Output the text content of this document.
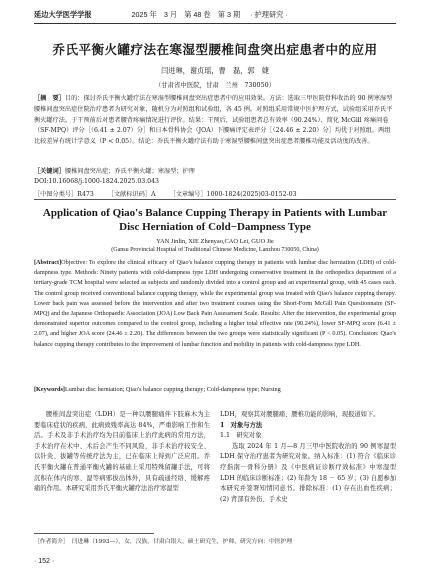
延边大学医学学报	2025 年　3 月　第 48 卷　第 3 期 · 护理研究 ·
乔氏平衡火罐疗法在寒湿型腰椎间盘突出症患者中的应用
闫进琳，谢贞瑶，曹　磊，郭　婕
（甘肃省中医院，甘肃　兰州　730050）
［摘　要］目的：探讨乔氏平衡火罐疗法在寒湿型腰椎间盘突出症患者中的应用效果。方法：选取三甲医院骨科收治的 90 例寒湿型腰椎间盘突出症住院治疗患者为研究对象，随机分为对照组和试验组，各 45 例。对照组采用常规中医护理方式，试验组采用乔氏平衡火罐疗法。于干预前后对患者腰背疼痛情况进行评价。结果：干预后，试验组患者总有效率（90.24%）、简化 McGill 疼痛问卷（SF-MPQ）评分［（6.41 ± 2.07）分］和日本骨科协会（JOA）下腰痛评定表评分［（24.46 ± 2.20）分］均优于对照组，两组比较差异有统计学意义（P < 0.05）。结论：乔氏平衡火罐疗法有助于寒湿型腰椎间盘突出症患者腰椎功能及活动度的改善。
［关键词］腰椎间盘突出症；乔氏平衡火罐；寒湿型；护理
DOI:10.16068/j.1000-1824.2025.03.043
［中图分类号］R473 ［文献标识码］A ［文章编号］1000-1824(2025)03-0152-03
Application of Qiao's Balance Cupping Therapy in Patients with Lumbar Disc Herniation of Cold−Dampness Type
YAN Jinlin, XIE Zhenyao,CAO Lei, GUO Jie
(Gansu Provincial Hospital of Traditional Chinese Medicine, Lanzhou 730050, China)
[Abstract]Objective: To explore the clinical efficacy of Qiao's balance cupping therapy in patients with lumbar disc herniation (LDH) of cold-dampness type. Methods: Ninety patients with cold-dampness type LDH undergoing conservative treatment in the orthopedics department of a tertiary-grade TCM hospital were selected as subjects and randomly divided into a control group and an experimental group, with 45 cases each. The control group received conventional balance cupping therapy, while the experimental group was treated with Qiao's balance cupping therapy. Lower back pain was assessed before the intervention and after two treatment courses using the Short-Form McGill Pain Questionnaire (SF-MPQ) and the Japanese Orthopaedic Association (JOA) Low Back Pain Assessment Scale. Results: After the intervention, the experimental group demonstrated superior outcomes compared to the control group, including a higher total effective rate (90.24%), lower SF-MPQ score (6.41 ± 2.07), and higher JOA score (24.46 ± 2.20). The differences between the two groups were statistically significant (P < 0.05). Conclusion: Qiao's balance cupping therapy contributes to the improvement of lumbar function and mobility in patients with cold-dampness type LDH.
[Keywords]Lumbar disc herniation; Qiao's balance cupping therapy; Cold-dampness type; Nursing
腰椎间盘突出症（LDH）是一种以腰腿痛伴下肢麻木为主要临床症状的疾病，此病致残率高达 84%，严重影响工作和生活。手术及非手术治疗均为目前临床上治疗此病的常用方法，手术治疗在术中、术后会产生不同风险，非手术治疗较安全、以针灸、拔罐等传统疗法为主，已在临床上得到广泛应用。乔氏平衡火罐在普通平衡火罐的基础上采用特殊留罐手法，可将沉积在体内的寒、湿等病邪拔出体外，具有疏通经络、缓解疼痛的作用。本研究采用乔氏平衡火罐疗法治疗寒湿型
LDH，观察其对腰腿痛、腰椎功能的影响，现报道如下。
1　对象与方法
1.1　研究对象
选取 2024 年 1 月—8 月三甲中医院收治的 90 例寒湿型 LDH 保守治疗患者为研究对象。纳入标准：(1) 符合《临床诊疗指南－骨科分册》及《中医病证诊断疗效标准》中寒湿型 LDH 的临床诊断标准；(2) 年龄为 18 － 65 岁；(3) 自愿参加本研究并签署知情同意书。排除标准：(1) 存在出血性疾病；(2) 背部有外伤、手术史
［作者简介］　闫进琳（1993—），女，汉族，甘肃白银人，硕士研究生，护师，研究方向：中医护理
· 152 ·
